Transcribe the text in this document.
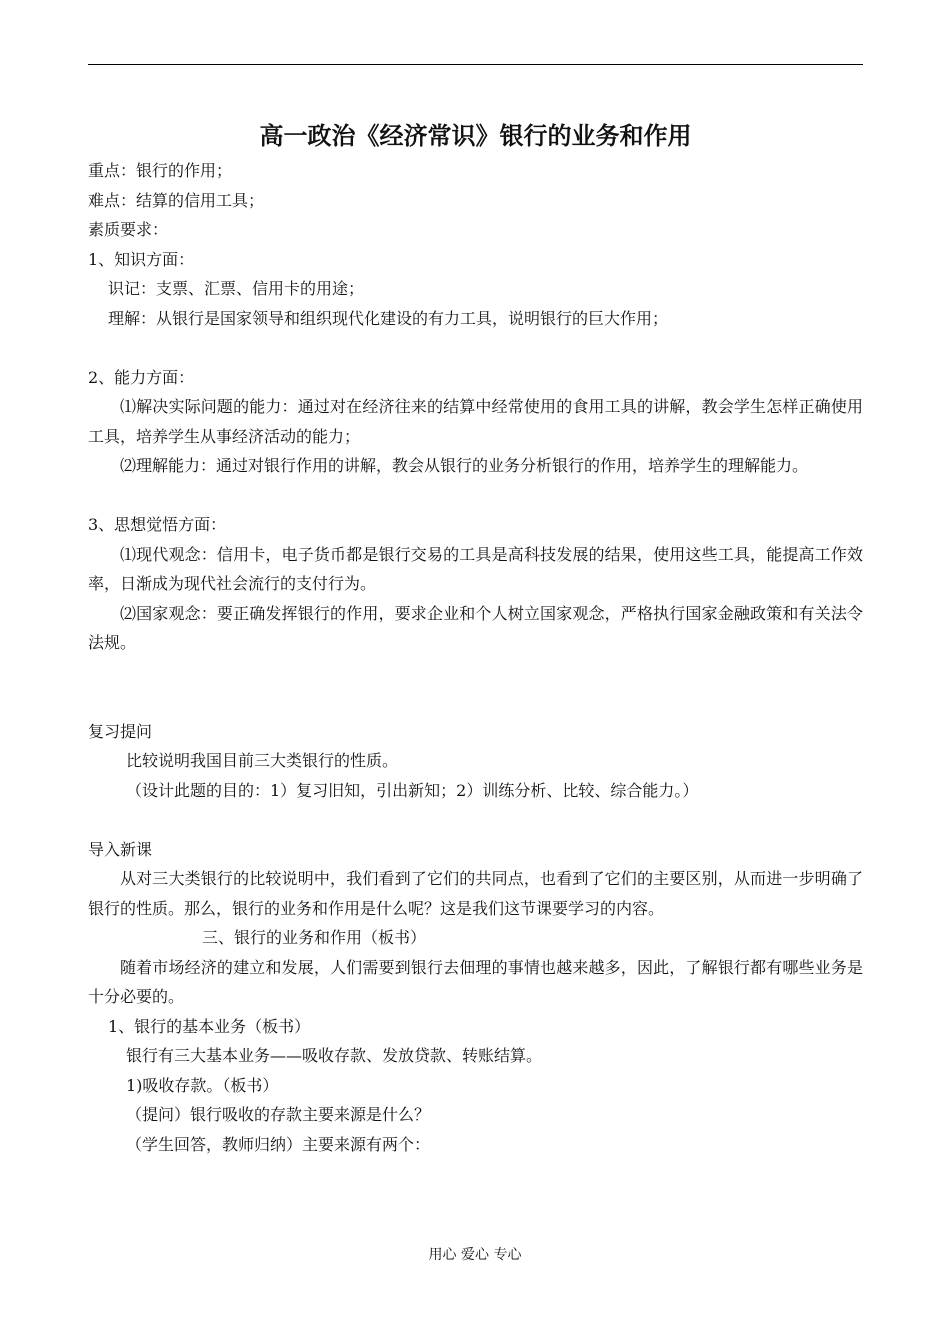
高一政治《经济常识》银行的业务和作用
重点：银行的作用；
难点：结算的信用工具；
素质要求：
1、知识方面：
识记：支票、汇票、信用卡的用途；
理解：从银行是国家领导和组织现代化建设的有力工具，说明银行的巨大作用；
2、能力方面：
⑴解决实际问题的能力：通过对在经济往来的结算中经常使用的食用工具的讲解，教会学生怎样正确使用工具，培养学生从事经济活动的能力；
⑵理解能力：通过对银行作用的讲解，教会从银行的业务分析银行的作用，培养学生的理解能力。
3、思想觉悟方面：
⑴现代观念：信用卡，电子货币都是银行交易的工具是高科技发展的结果，使用这些工具，能提高工作效率，日渐成为现代社会流行的支付行为。
⑵国家观念：要正确发挥银行的作用，要求企业和个人树立国家观念，严格执行国家金融政策和有关法令法规。
复习提问
比较说明我国目前三大类银行的性质。
（设计此题的目的：1）复习旧知，引出新知；2）训练分析、比较、综合能力。）
导入新课
从对三大类银行的比较说明中，我们看到了它们的共同点，也看到了它们的主要区别，从而进一步明确了银行的性质。那么，银行的业务和作用是什么呢？这是我们这节课要学习的内容。
三、银行的业务和作用（板书）
随着市场经济的建立和发展，人们需要到银行去佃理的事情也越来越多，因此，了解银行都有哪些业务是十分必要的。
1、银行的基本业务（板书）
银行有三大基本业务——吸收存款、发放贷款、转账结算。
1)吸收存款。（板书）
（提问）银行吸收的存款主要来源是什么？
（学生回答，教师归纳）主要来源有两个：
用心 爱心 专心
